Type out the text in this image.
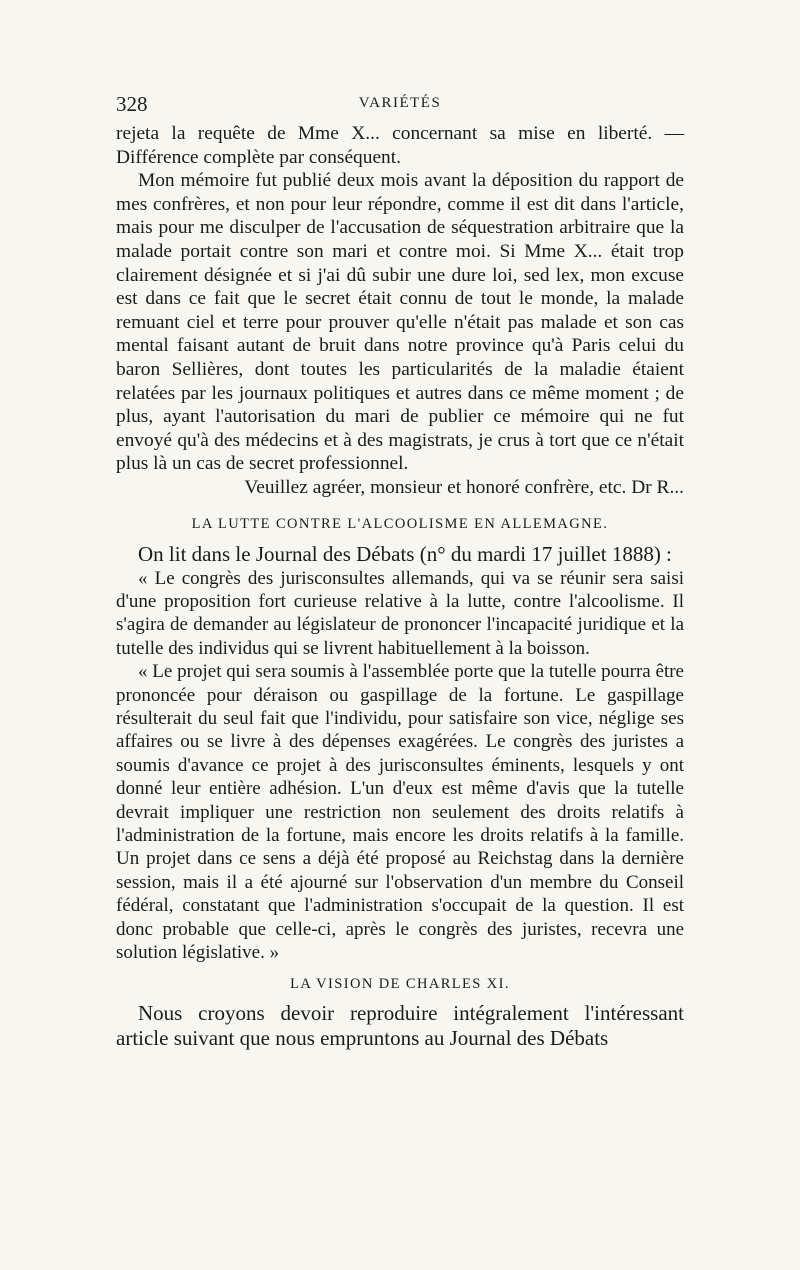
328	VARIÉTÉS

rejeta la requête de Mme X... concernant sa mise en liberté. — Différence complète par conséquent.

Mon mémoire fut publié deux mois avant la déposition du rapport de mes confrères, et non pour leur répondre, comme il est dit dans l'article, mais pour me disculper de l'accusation de séquestration arbitraire que la malade portait contre son mari et contre moi. Si Mme X... était trop clairement désignée et si j'ai dû subir une dure loi, sed lex, mon excuse est dans ce fait que le secret était connu de tout le monde, la malade remuant ciel et terre pour prouver qu'elle n'était pas malade et son cas mental faisant autant de bruit dans notre province qu'à Paris celui du baron Sellières, dont toutes les particularités de la maladie étaient relatées par les journaux politiques et autres dans ce même moment ; de plus, ayant l'autorisation du mari de publier ce mémoire qui ne fut envoyé qu'à des médecins et à des magistrats, je crus à tort que ce n'était plus là un cas de secret professionnel.

Veuillez agréer, monsieur et honoré confrère, etc. Dr R...

LA LUTTE CONTRE L'ALCOOLISME EN ALLEMAGNE.

On lit dans le Journal des Débats (n° du mardi 17 juillet 1888) :

« Le congrès des jurisconsultes allemands, qui va se réunir sera saisi d'une proposition fort curieuse relative à la lutte, contre l'alcoolisme. Il s'agira de demander au législateur de prononcer l'incapacité juridique et la tutelle des individus qui se livrent habituellement à la boisson.

« Le projet qui sera soumis à l'assemblée porte que la tutelle pourra être prononcée pour déraison ou gaspillage de la fortune. Le gaspillage résulterait du seul fait que l'individu, pour satisfaire son vice, néglige ses affaires ou se livre à des dépenses exagérées. Le congrès des juristes a soumis d'avance ce projet à des jurisconsultes éminents, lesquels y ont donné leur entière adhésion. L'un d'eux est même d'avis que la tutelle devrait impliquer une restriction non seulement des droits relatifs à l'administration de la fortune, mais encore les droits relatifs à la famille. Un projet dans ce sens a déjà été proposé au Reichstag dans la dernière session, mais il a été ajourné sur l'observation d'un membre du Conseil fédéral, constatant que l'administration s'occupait de la question. Il est donc probable que celle-ci, après le congrès des juristes, recevra une solution législative. »

LA VISION DE CHARLES XI.

Nous croyons devoir reproduire intégralement l'intéressant article suivant que nous empruntons au Journal des Débats
